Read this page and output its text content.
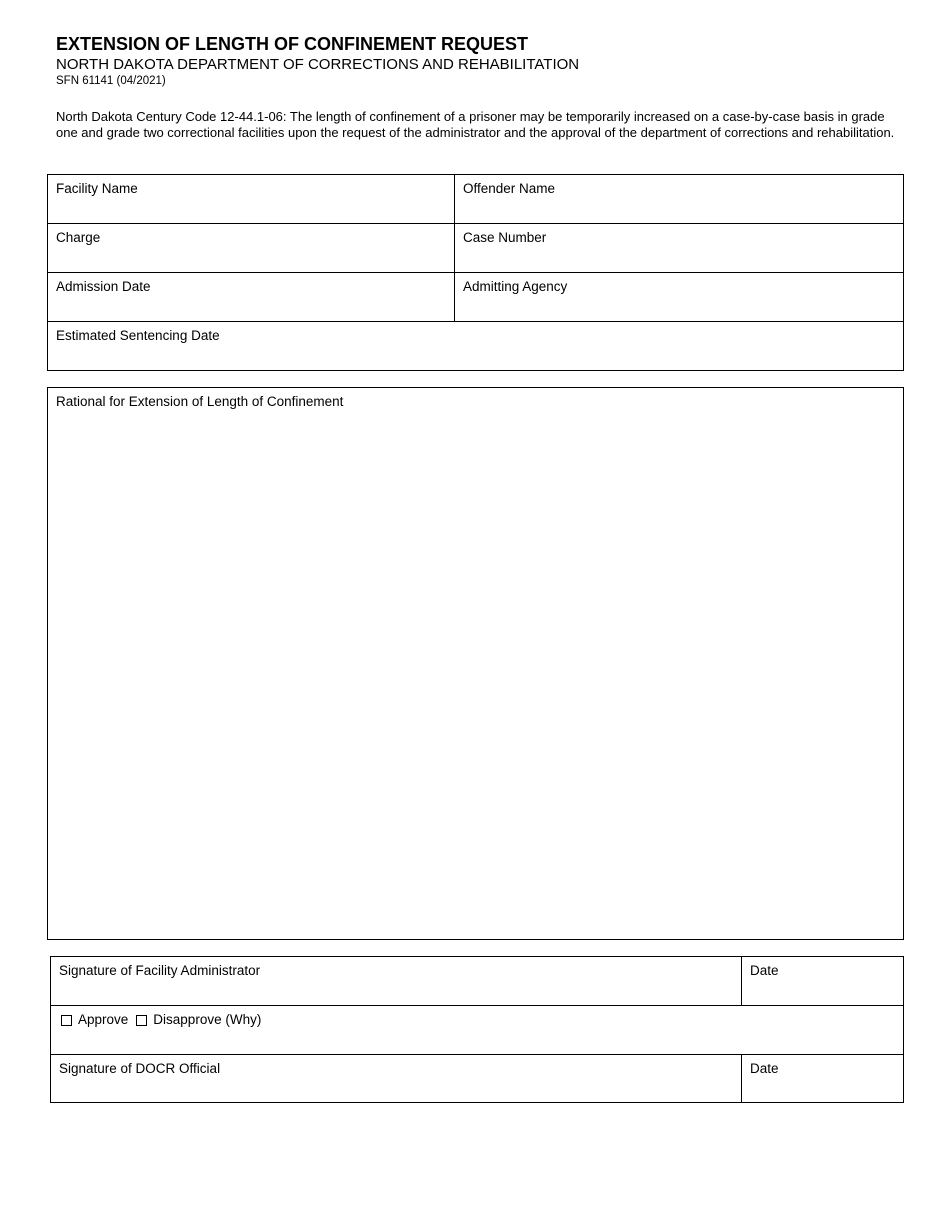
EXTENSION OF LENGTH OF CONFINEMENT REQUEST
NORTH DAKOTA DEPARTMENT OF CORRECTIONS AND REHABILITATION
SFN 61141 (04/2021)
North Dakota Century Code 12-44.1-06: The length of confinement of a prisoner may be temporarily increased on a case-by-case basis in grade one and grade two correctional facilities upon the request of the administrator and the approval of the department of corrections and rehabilitation.
Facility Name	Offender Name
Charge	Case Number
Admission Date	Admitting Agency
Estimated Sentencing Date
Rational for Extension of Length of Confinement
Signature of Facility Administrator	Date
Approve Disapprove (Why)
Signature of DOCR Official	Date
